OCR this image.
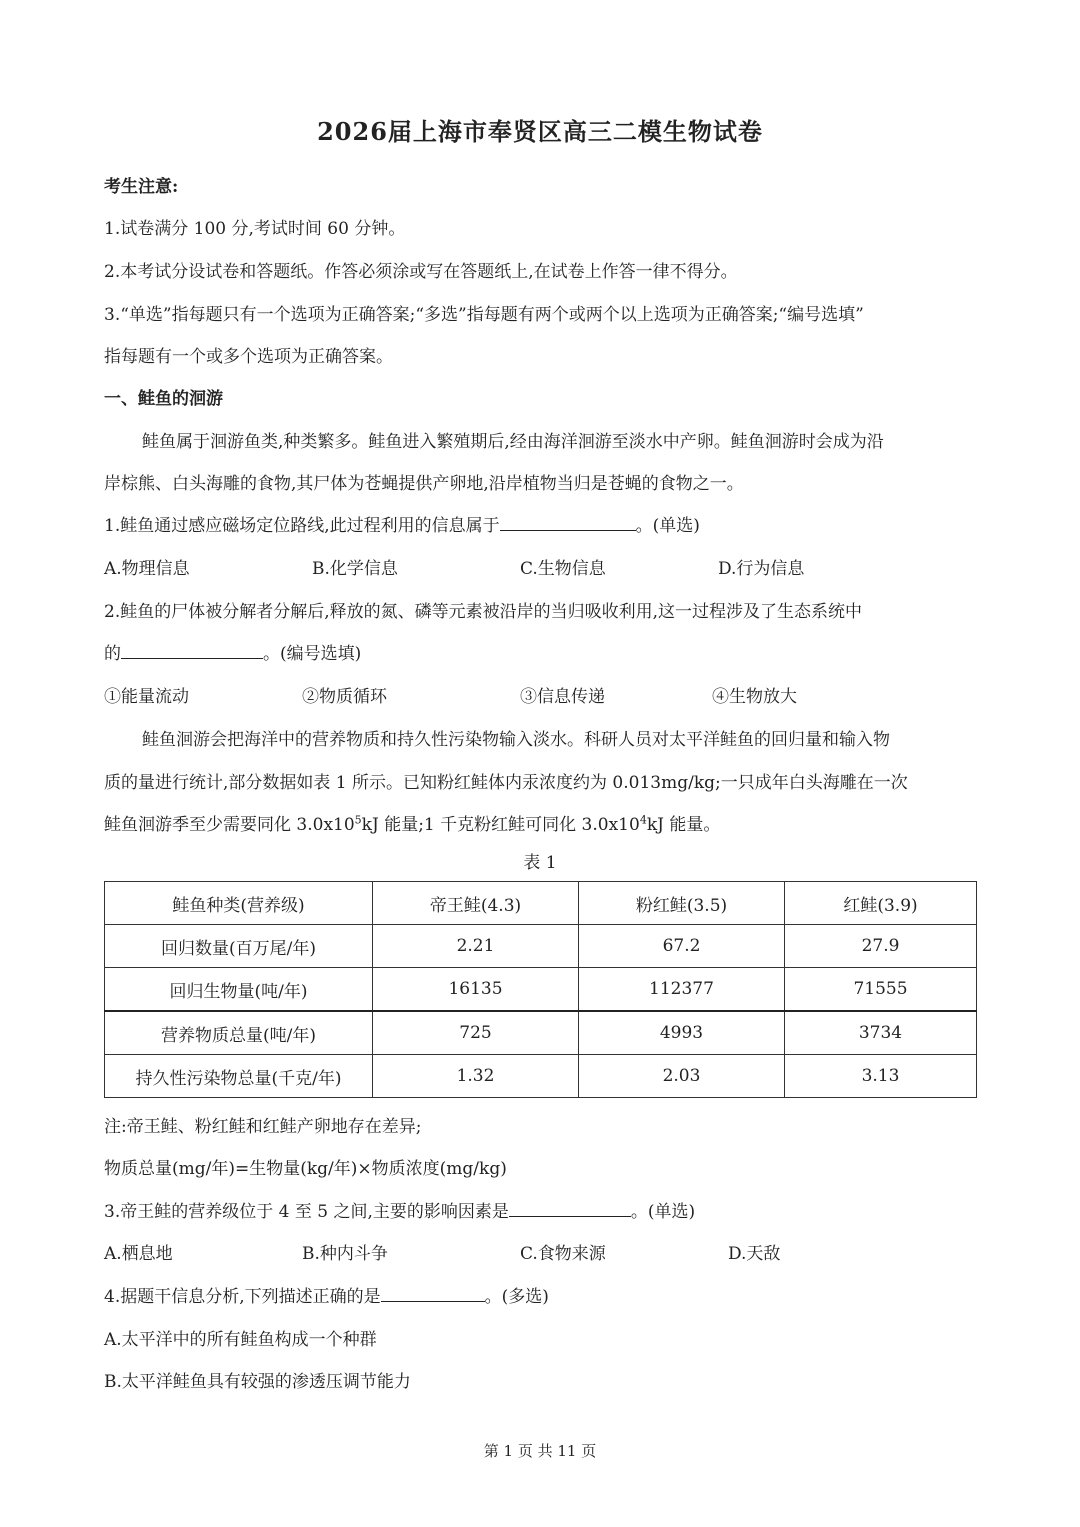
2026届上海市奉贤区高三二模生物试卷
考生注意:
1.试卷满分 100 分,考试时间 60 分钟。
2.本考试分设试卷和答题纸。作答必须涂或写在答题纸上,在试卷上作答一律不得分。
3.“单选”指每题只有一个选项为正确答案;“多选”指每题有两个或两个以上选项为正确答案;“编号选填”
指每题有一个或多个选项为正确答案。
一、鲑鱼的洄游
鲑鱼属于洄游鱼类,种类繁多。鲑鱼进入繁殖期后,经由海洋洄游至淡水中产卵。鲑鱼洄游时会成为沿
岸棕熊、白头海雕的食物,其尸体为苍蝇提供产卵地,沿岸植物当归是苍蝇的食物之一。
1.鲑鱼通过感应磁场定位路线,此过程利用的信息属于	。(单选)
A.物理信息	B.化学信息	C.生物信息	D.行为信息
2.鲑鱼的尸体被分解者分解后,释放的氮、磷等元素被沿岸的当归吸收利用,这一过程涉及了生态系统中
的	。(编号选填)
①能量流动	②物质循环	③信息传递	④生物放大
鲑鱼洄游会把海洋中的营养物质和持久性污染物输入淡水。科研人员对太平洋鲑鱼的回归量和输入物
质的量进行统计,部分数据如表 1 所示。已知粉红鲑体内汞浓度约为 0.013mg/kg;一只成年白头海雕在一次
鲑鱼洄游季至少需要同化 $3.0x10^5kJ$ 能量;1 千克粉红鲑可同化 $3.0x10^4kJ$ 能量。
表 1
鲑鱼种类(营养级)	帝王鲑(4.3)	粉红鲑(3.5)	红鲑(3.9)
回归数量(百万尾/年)	2.21	67.2	27.9
回归生物量(吨/年)	16135	112377	71555
营养物质总量(吨/年)	725	4993	3734
持久性污染物总量(千克/年)	1.32	2.03	3.13
注:帝王鲑、粉红鲑和红鲑产卵地存在差异;
物质总量(mg/年)=生物量(kg/年)×物质浓度(mg/kg)
3.帝王鲑的营养级位于 4 至 5 之间,主要的影响因素是	。(单选)
A.栖息地	B.种内斗争	C.食物来源	D.天敌
4.据题干信息分析,下列描述正确的是	。(多选)
A.太平洋中的所有鲑鱼构成一个种群
B.太平洋鲑鱼具有较强的渗透压调节能力
第 1 页 共 11 页
